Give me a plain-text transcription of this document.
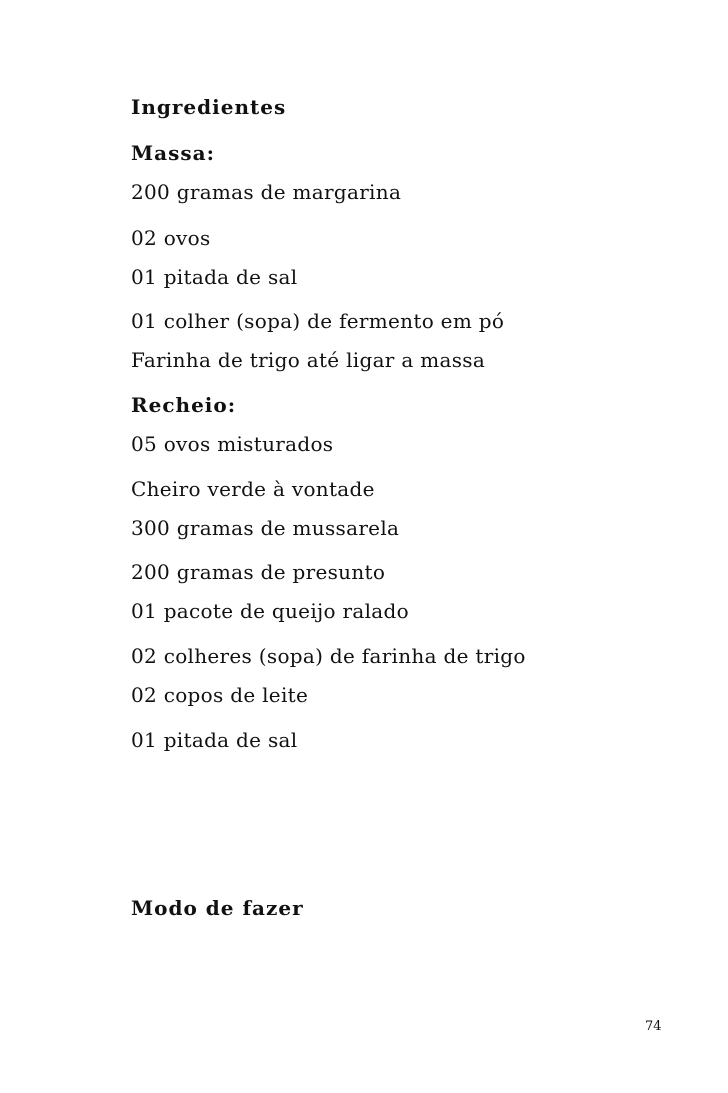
Ingredientes
Massa:
200 gramas de margarina
02 ovos
01 pitada de sal
01 colher (sopa) de fermento em pó
Farinha de trigo até ligar a massa
Recheio:
05 ovos misturados
Cheiro verde à vontade
300 gramas de mussarela
200 gramas de presunto
01 pacote de queijo ralado
02 colheres (sopa) de farinha de trigo
02 copos de leite
01 pitada de sal
Modo de fazer
74
